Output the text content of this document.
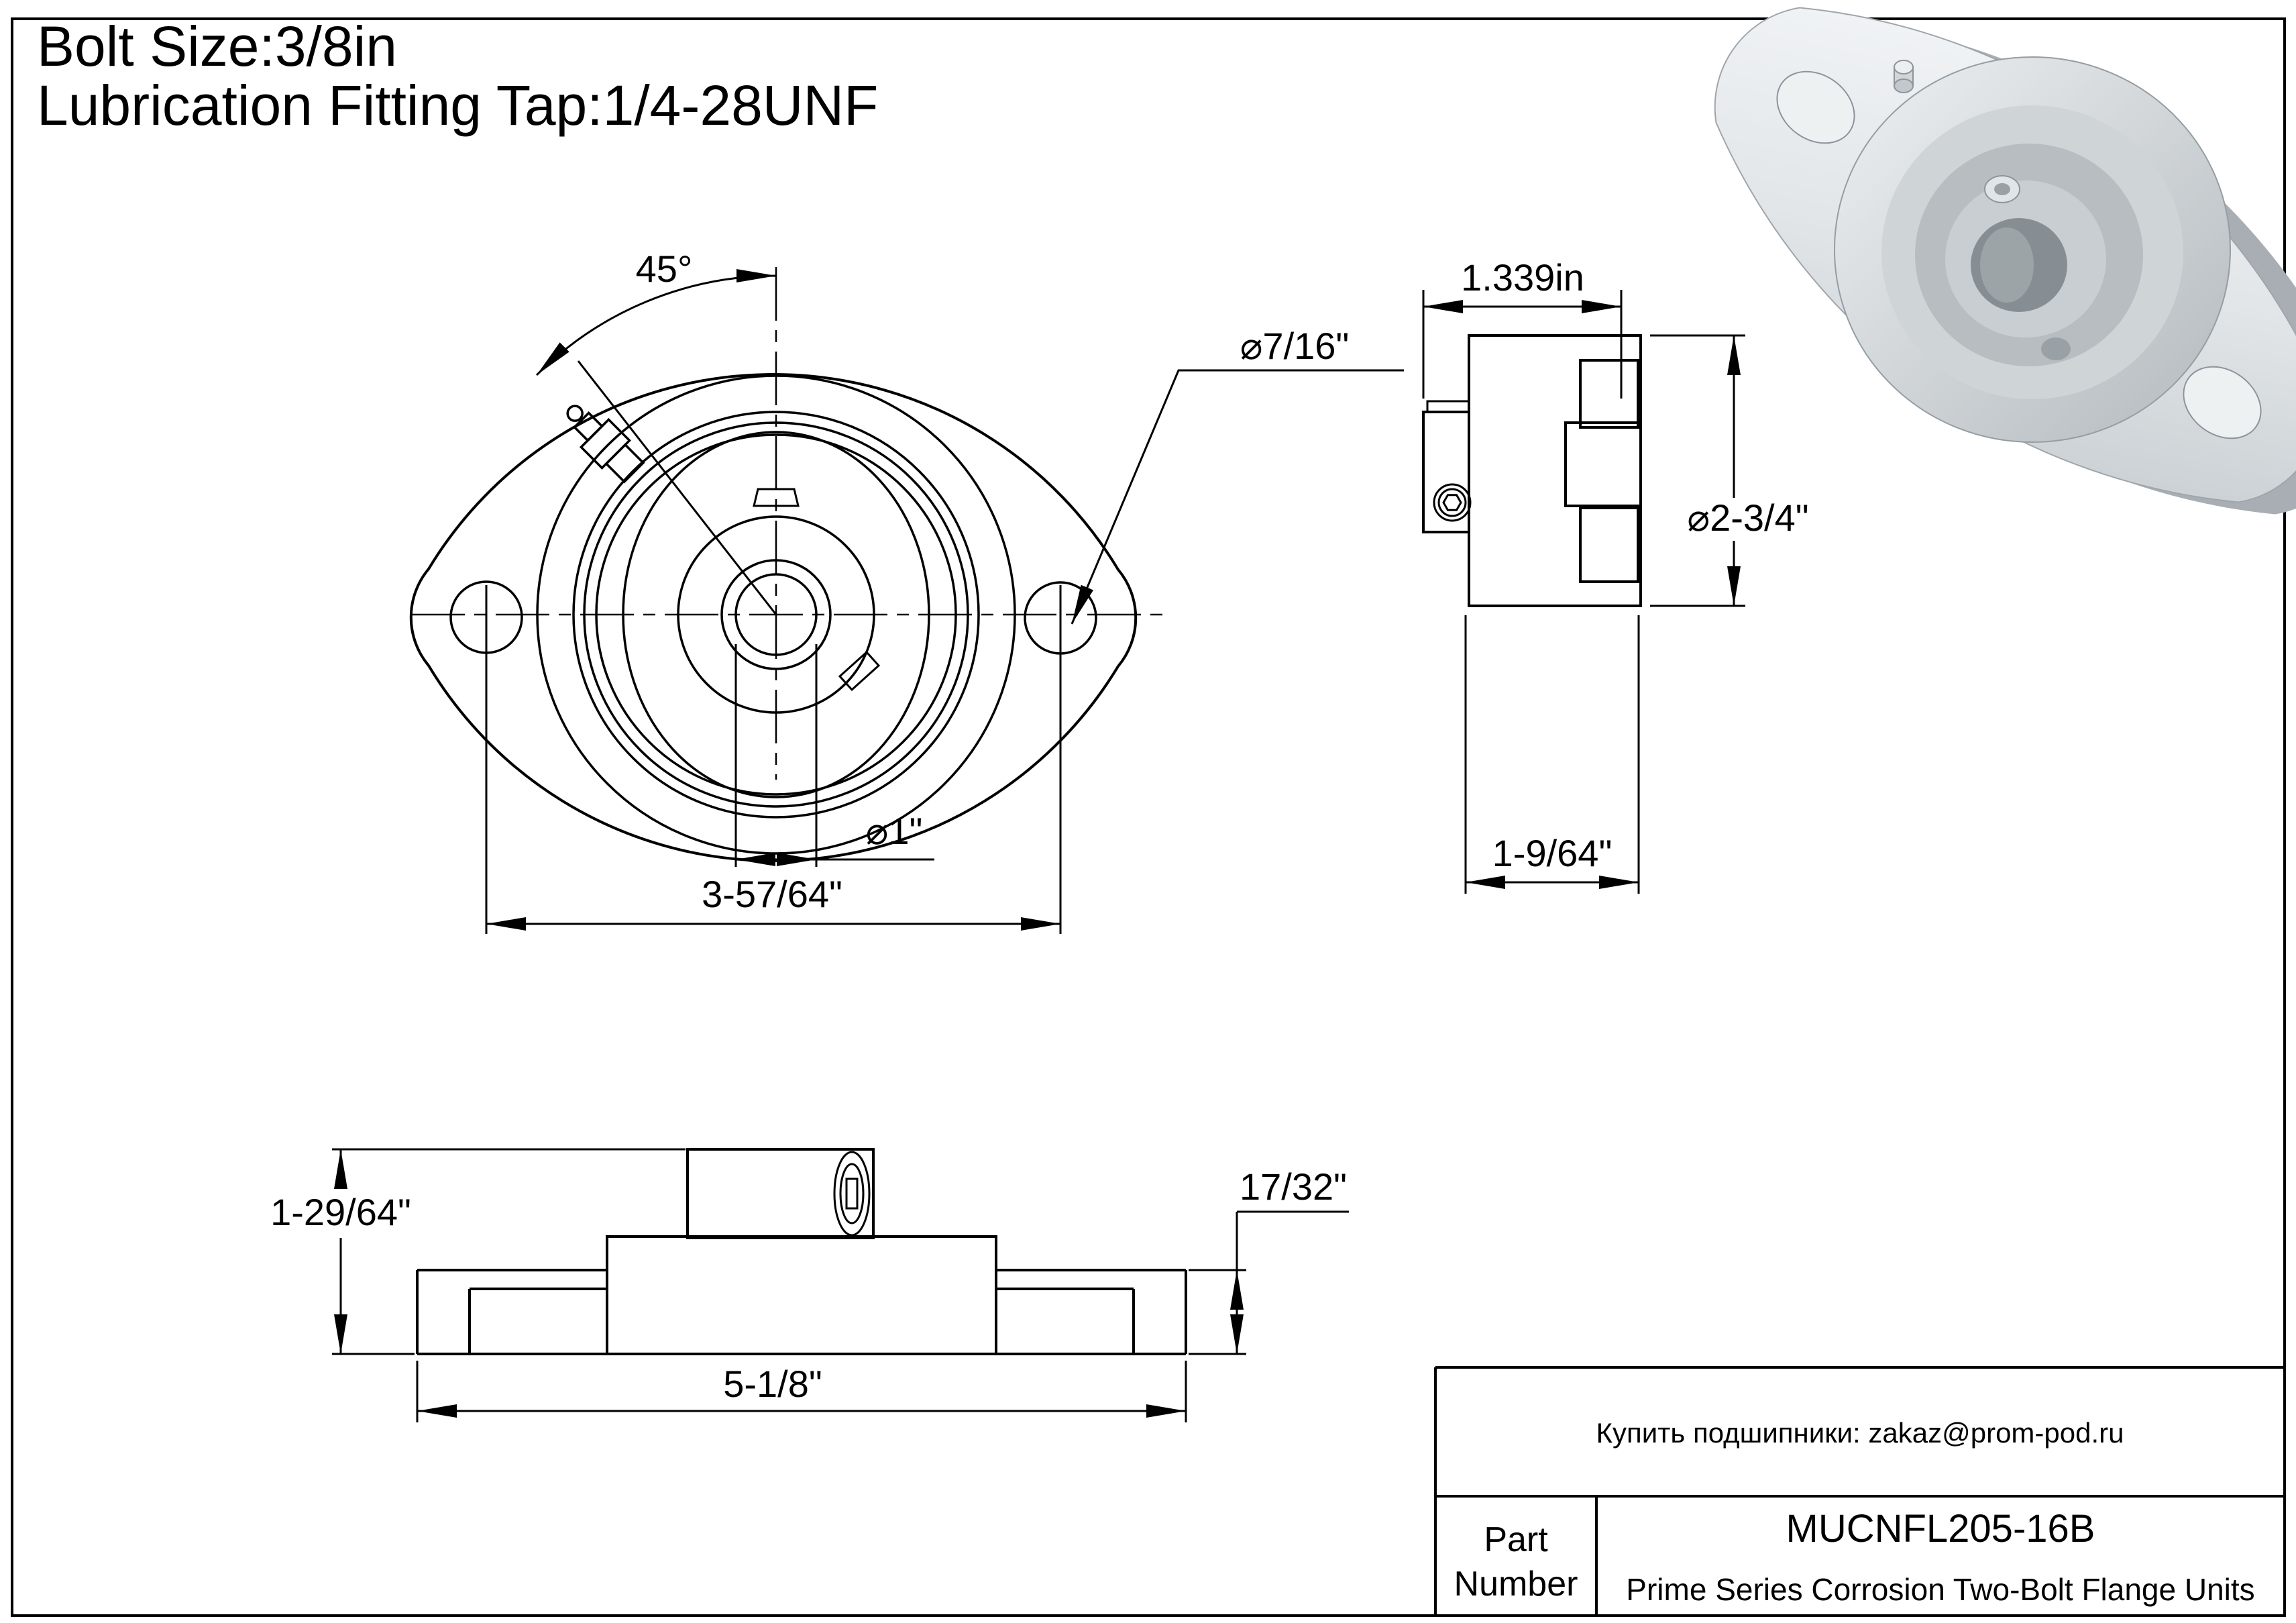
Bolt Size:3/8in
Lubrication Fitting Tap:1/4-28UNF
45°
⌀7/16"
⌀1"
3-57/64"
1.339in
⌀2-3/4"
1-9/64"
1-29/64"
17/32"
5-1/8"
Купить подшипники: zakaz@prom-pod.ru
Part
Number
MUCNFL205-16B
Prime Series Corrosion Two-Bolt Flange Units
